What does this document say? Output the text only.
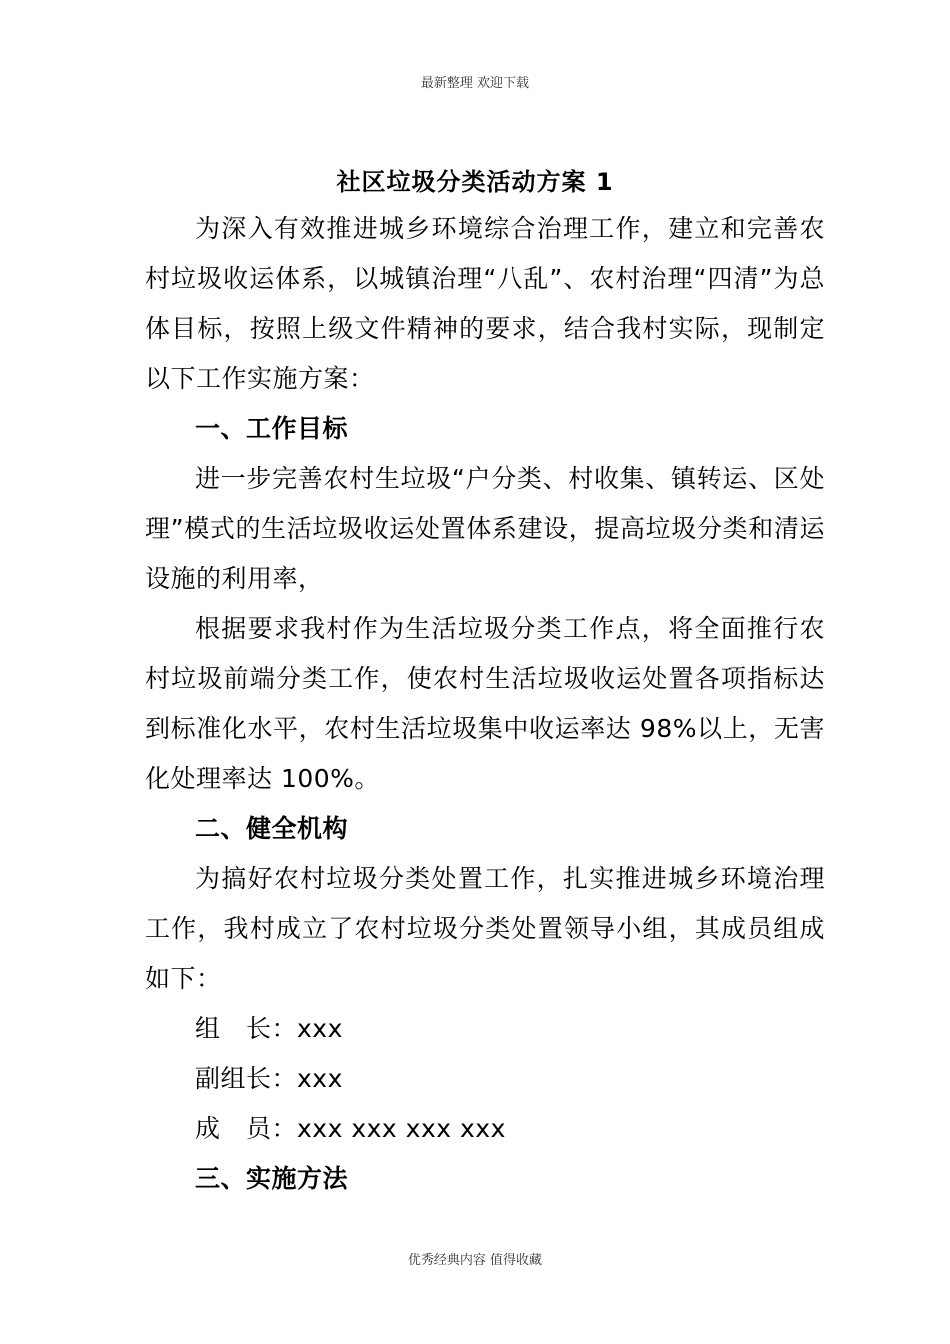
最新整理 欢迎下载
社区垃圾分类活动方案 1

为深入有效推进城乡环境综合治理工作，建立和完善农村垃圾收运体系，以城镇治理“八乱”、农村治理“四清”为总体目标，按照上级文件精神的要求，结合我村实际，现制定以下工作实施方案：

一、工作目标

进一步完善农村生垃圾“户分类、村收集、镇转运、区处理”模式的生活垃圾收运处置体系建设，提高垃圾分类和清运设施的利用率，

根据要求我村作为生活垃圾分类工作点，将全面推行农村垃圾前端分类工作，使农村生活垃圾收运处置各项指标达到标准化水平，农村生活垃圾集中收运率达 98%以上，无害化处理率达 100%。

二、健全机构

为搞好农村垃圾分类处置工作，扎实推进城乡环境治理工作，我村成立了农村垃圾分类处置领导小组，其成员组成如下：

组　长：xxx
副组长：xxx
成　员：xxx xxx xxx xxx
三、实施方法
优秀经典内容 值得收藏
